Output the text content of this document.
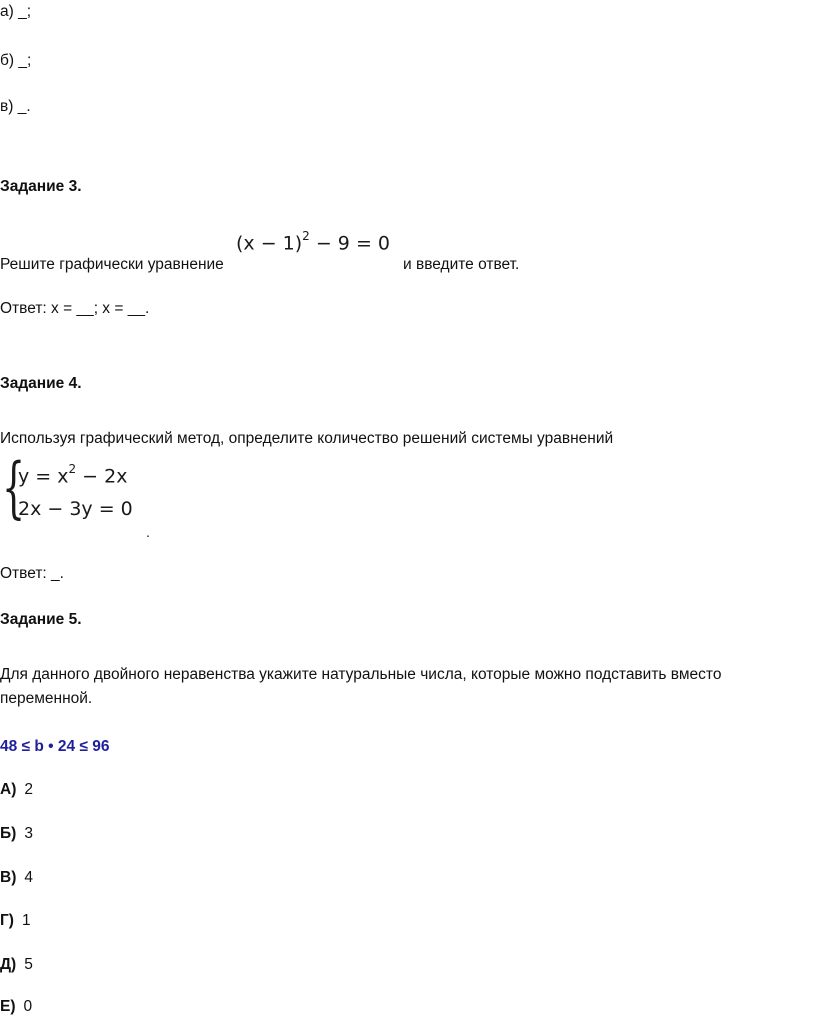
а) _;
б) _;
в) _.
Задание 3.
Решите графически уравнение
$(x - 1)^2 - 9 = 0$
и введите ответ.
Ответ: x = __; x = __.
Задание 4.
Используя графический метод, определите количество решений системы уравнений
{
$y = x^2 - 2x$
2x − 3y = 0
.
Ответ: _.
Задание 5.
Для данного двойного неравенства укажите натуральные числа, которые можно подставить вместо переменной.
48 ≤ b • 24 ≤ 96
А) 2
Б) 3
В) 4
Г) 1
Д) 5
Е) 0
